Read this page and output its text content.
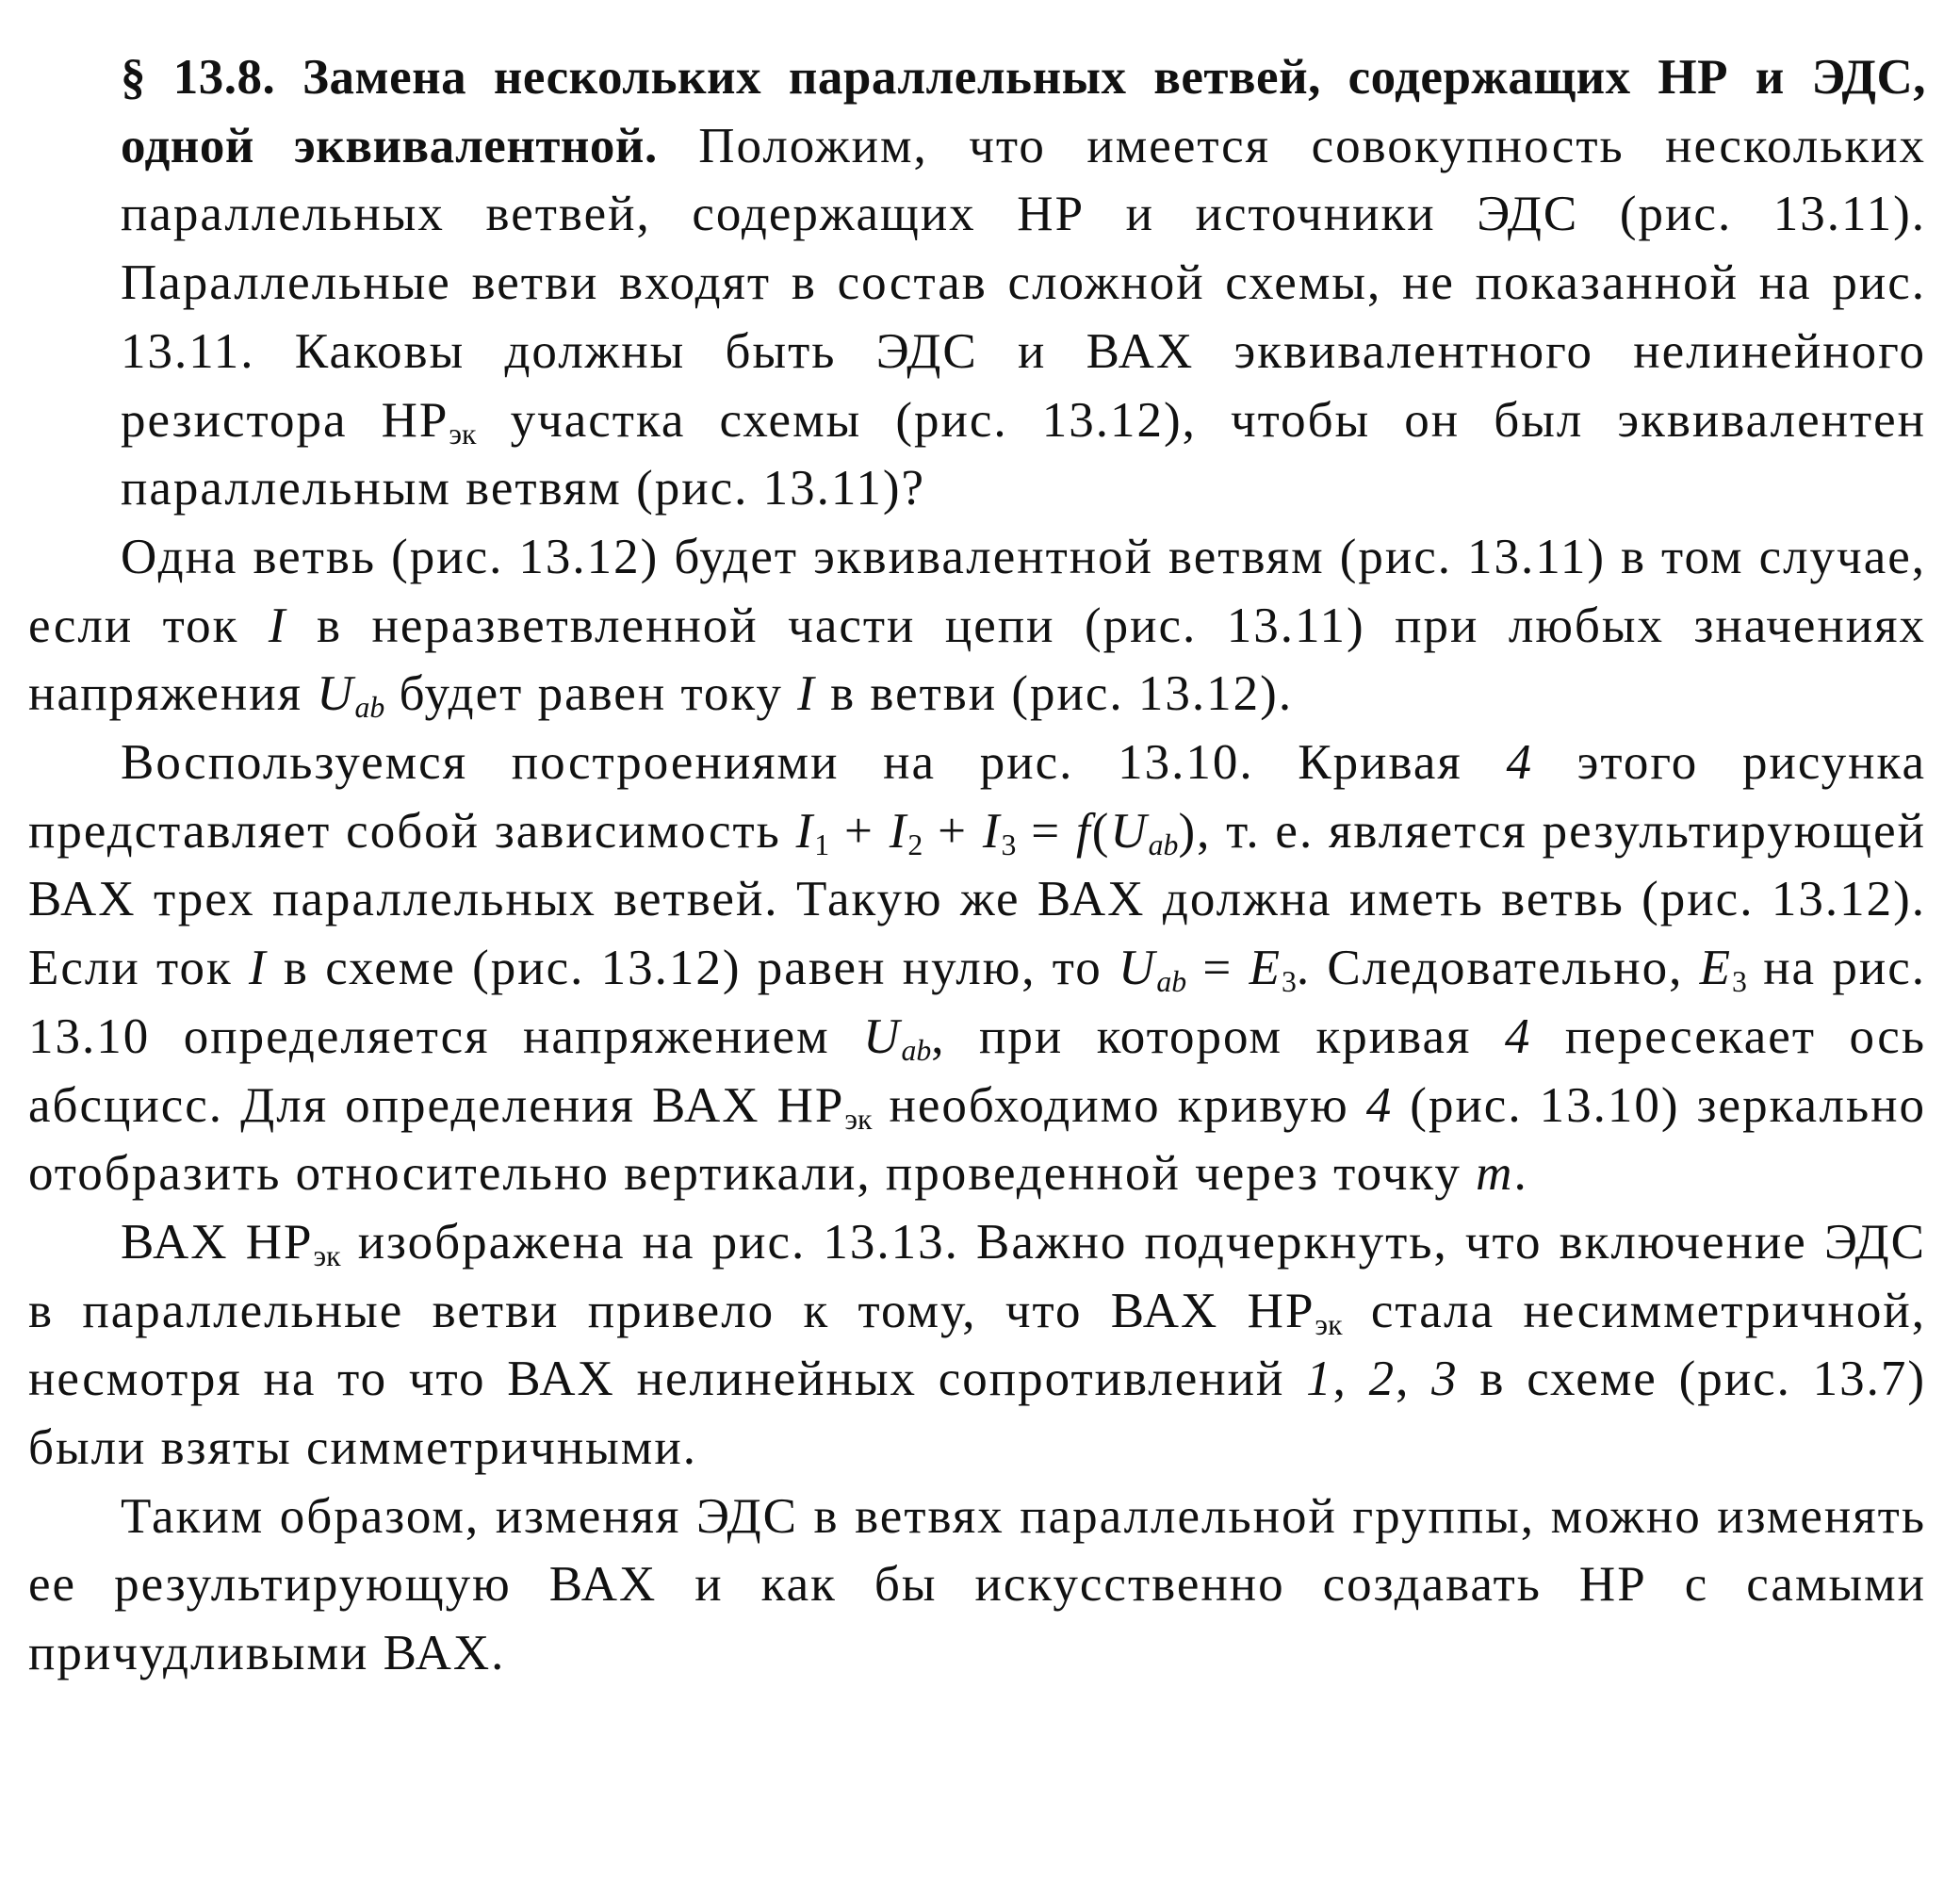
§ 13.8. Замена нескольких параллельных ветвей, содержащих НР и ЭДС, одной эквивалентной. Положим, что имеется совокупность нескольких параллельных ветвей, содержащих НР и источники ЭДС (рис. 13.11). Параллельные ветви входят в состав сложной схемы, не показанной на рис. 13.11. Каковы должны быть ЭДС и ВАХ эквивалентного нелинейного резистора $НР_{эк}$ участка схемы (рис. 13.12), чтобы он был эквивалентен параллельным ветвям (рис. 13.11)?

Одна ветвь (рис. 13.12) будет эквивалентной ветвям (рис. 13.11) в том случае, если ток I в неразветвленной части цепи (рис. 13.11) при любых значениях напряжения $U_{ab}$ будет равен току I в ветви (рис. 13.12).

Воспользуемся построениями на рис. 13.10. Кривая 4 этого рисунка представляет собой зависимость $I_1 + I_2 + I_3 = f(U_{ab})$, т. е. является результирующей ВАХ трех параллельных ветвей. Такую же ВАХ должна иметь ветвь (рис. 13.12). Если ток I в схеме (рис. 13.12) равен нулю, то $U_{ab} = E_3$. Следовательно, $E_3$ на рис. 13.10 определяется напряжением $U_{ab}$, при котором кривая 4 пересекает ось абсцисс. Для определения ВАХ $НР_{эк}$ необходимо кривую 4 (рис. 13.10) зеркально отобразить относительно вертикали, проведенной через точку m.

ВАХ $НР_{эк}$ изображена на рис. 13.13. Важно подчеркнуть, что включение ЭДС в параллельные ветви привело к тому, что ВАХ $НР_{эк}$ стала несимметричной, несмотря на то что ВАХ нелинейных сопротивлений 1, 2, 3 в схеме (рис. 13.7) были взяты симметричными.

Таким образом, изменяя ЭДС в ветвях параллельной группы, можно изменять ее результирующую ВАХ и как бы искусственно создавать НР с самыми причудливыми ВАХ.
